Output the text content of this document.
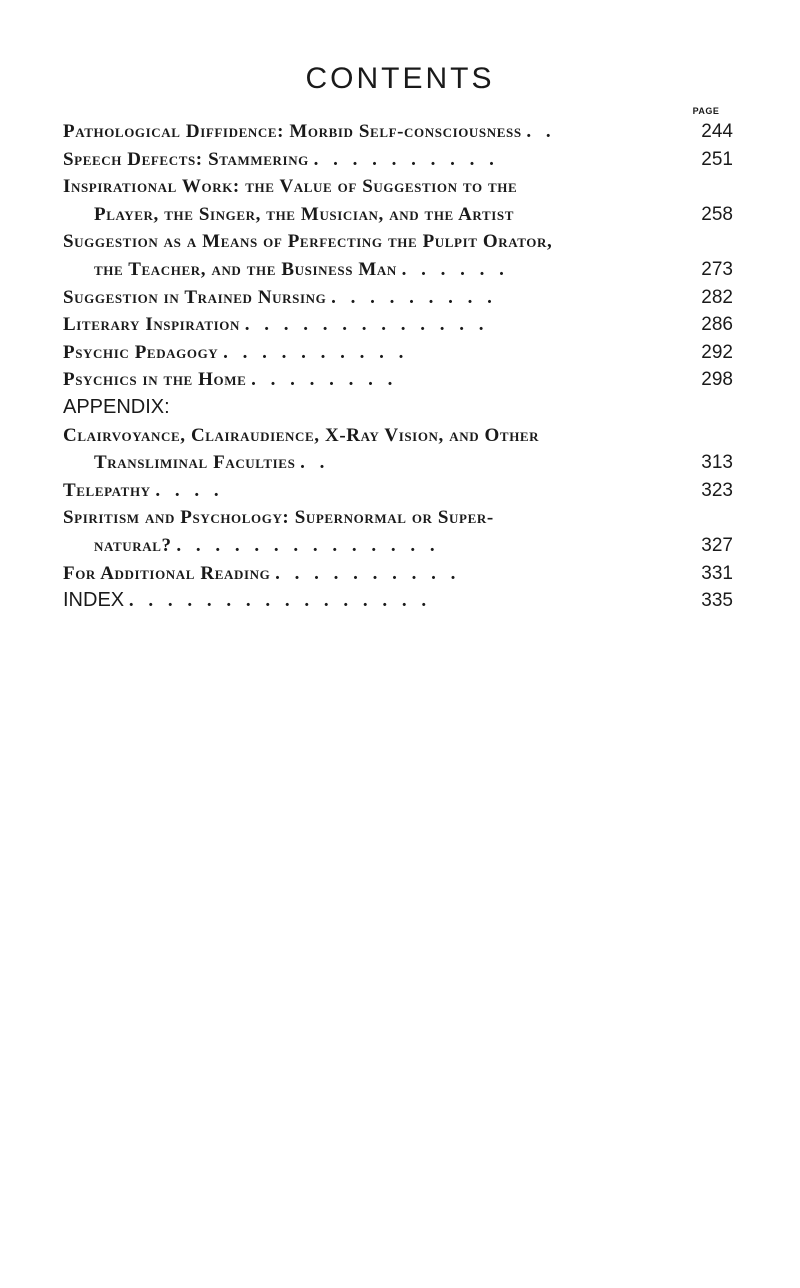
CONTENTS
PAGE
Pathological Diffidence: Morbid Self-consciousness . .	244
Speech Defects: Stammering . . . . . . . . . .	251
Inspirational Work: the Value of Suggestion to the
Player, the Singer, the Musician, and the Artist	258
Suggestion as a Means of Perfecting the Pulpit Orator,
the Teacher, and the Business Man . . . . . .	273
Suggestion in Trained Nursing . . . . . . . . .	282
Literary Inspiration . . . . . . . . . . . . .	286
Psychic Pedagogy . . . . . . . . . .	292
Psychics in the Home . . . . . . . .	298
APPENDIX:
Clairvoyance, Clairaudience, X-Ray Vision, and Other
Transliminal Faculties . .	313
Telepathy . . . .	323
Spiritism and Psychology: Supernormal or Super-
natural? . . . . . . . . . . . . . .	327
For Additional Reading . . . . . . . . . .	331
INDEX . . . . . . . . . . . . . . . .	335
